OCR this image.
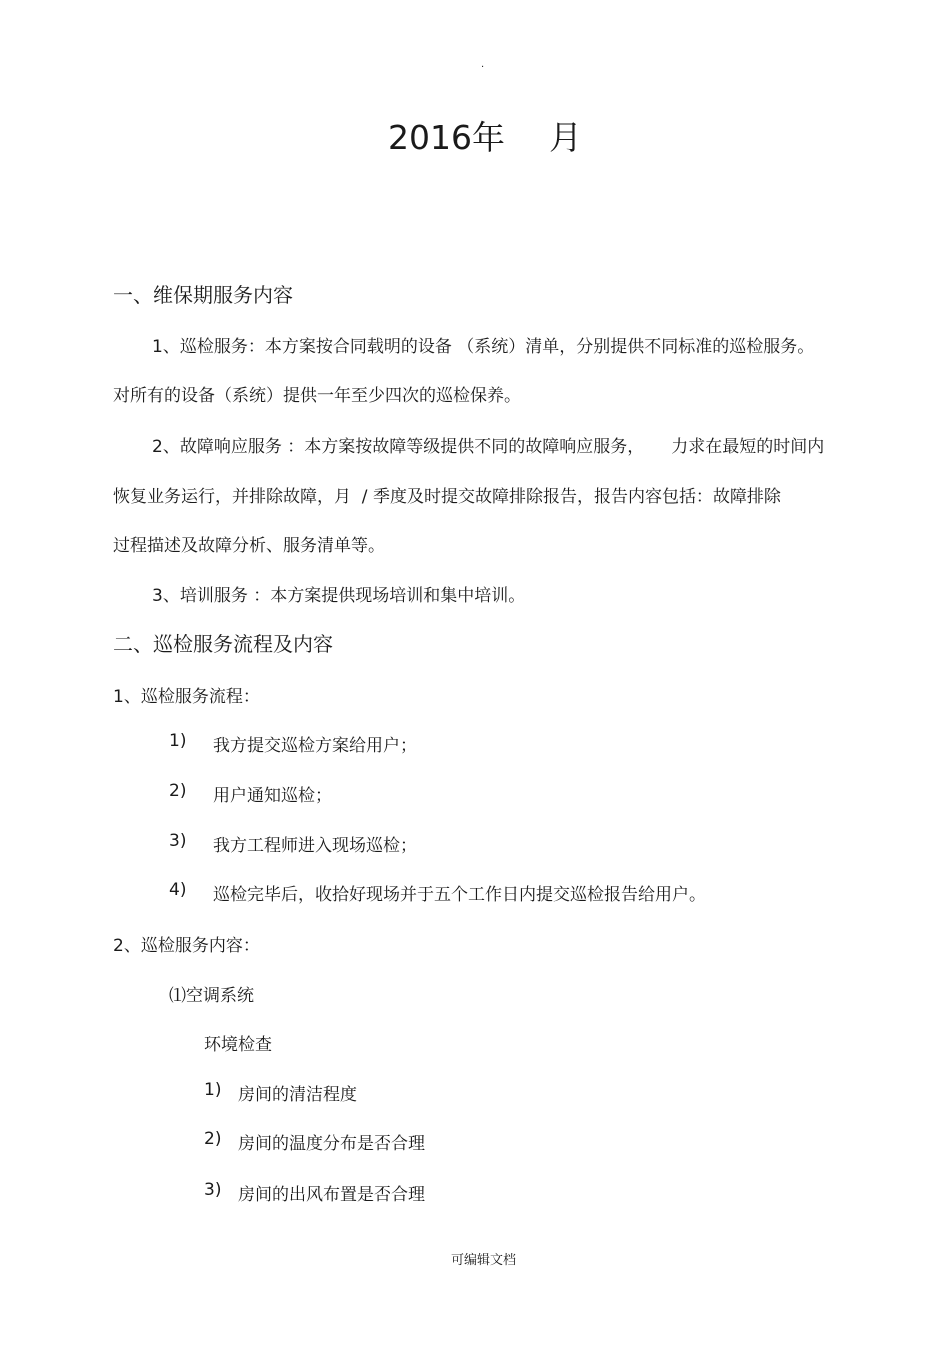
·
2016年 月
一、维保期服务内容
1、巡检服务：本方案按合同载明的设备 （系统）清单，分别提供不同标准的巡检服务。
对所有的设备（系统）提供一年至少四次的巡检保养。
2、故障响应服务 ：本方案按故障等级提供不同的故障响应服务，     力求在最短的时间内
恢复业务运行，并排除故障，月  / 季度及时提交故障排除报告，报告内容包括：故障排除
过程描述及故障分析、服务清单等。
3、培训服务 ：本方案提供现场培训和集中培训。
二、巡检服务流程及内容
1、巡检服务流程：
1) 我方提交巡检方案给用户；
2) 用户通知巡检；
3) 我方工程师进入现场巡检；
4) 巡检完毕后，收拾好现场并于五个工作日内提交巡检报告给用户。
2、巡检服务内容：
⑴空调系统
环境检查
1) 房间的清洁程度
2) 房间的温度分布是否合理
3) 房间的出风布置是否合理
可编辑文档
